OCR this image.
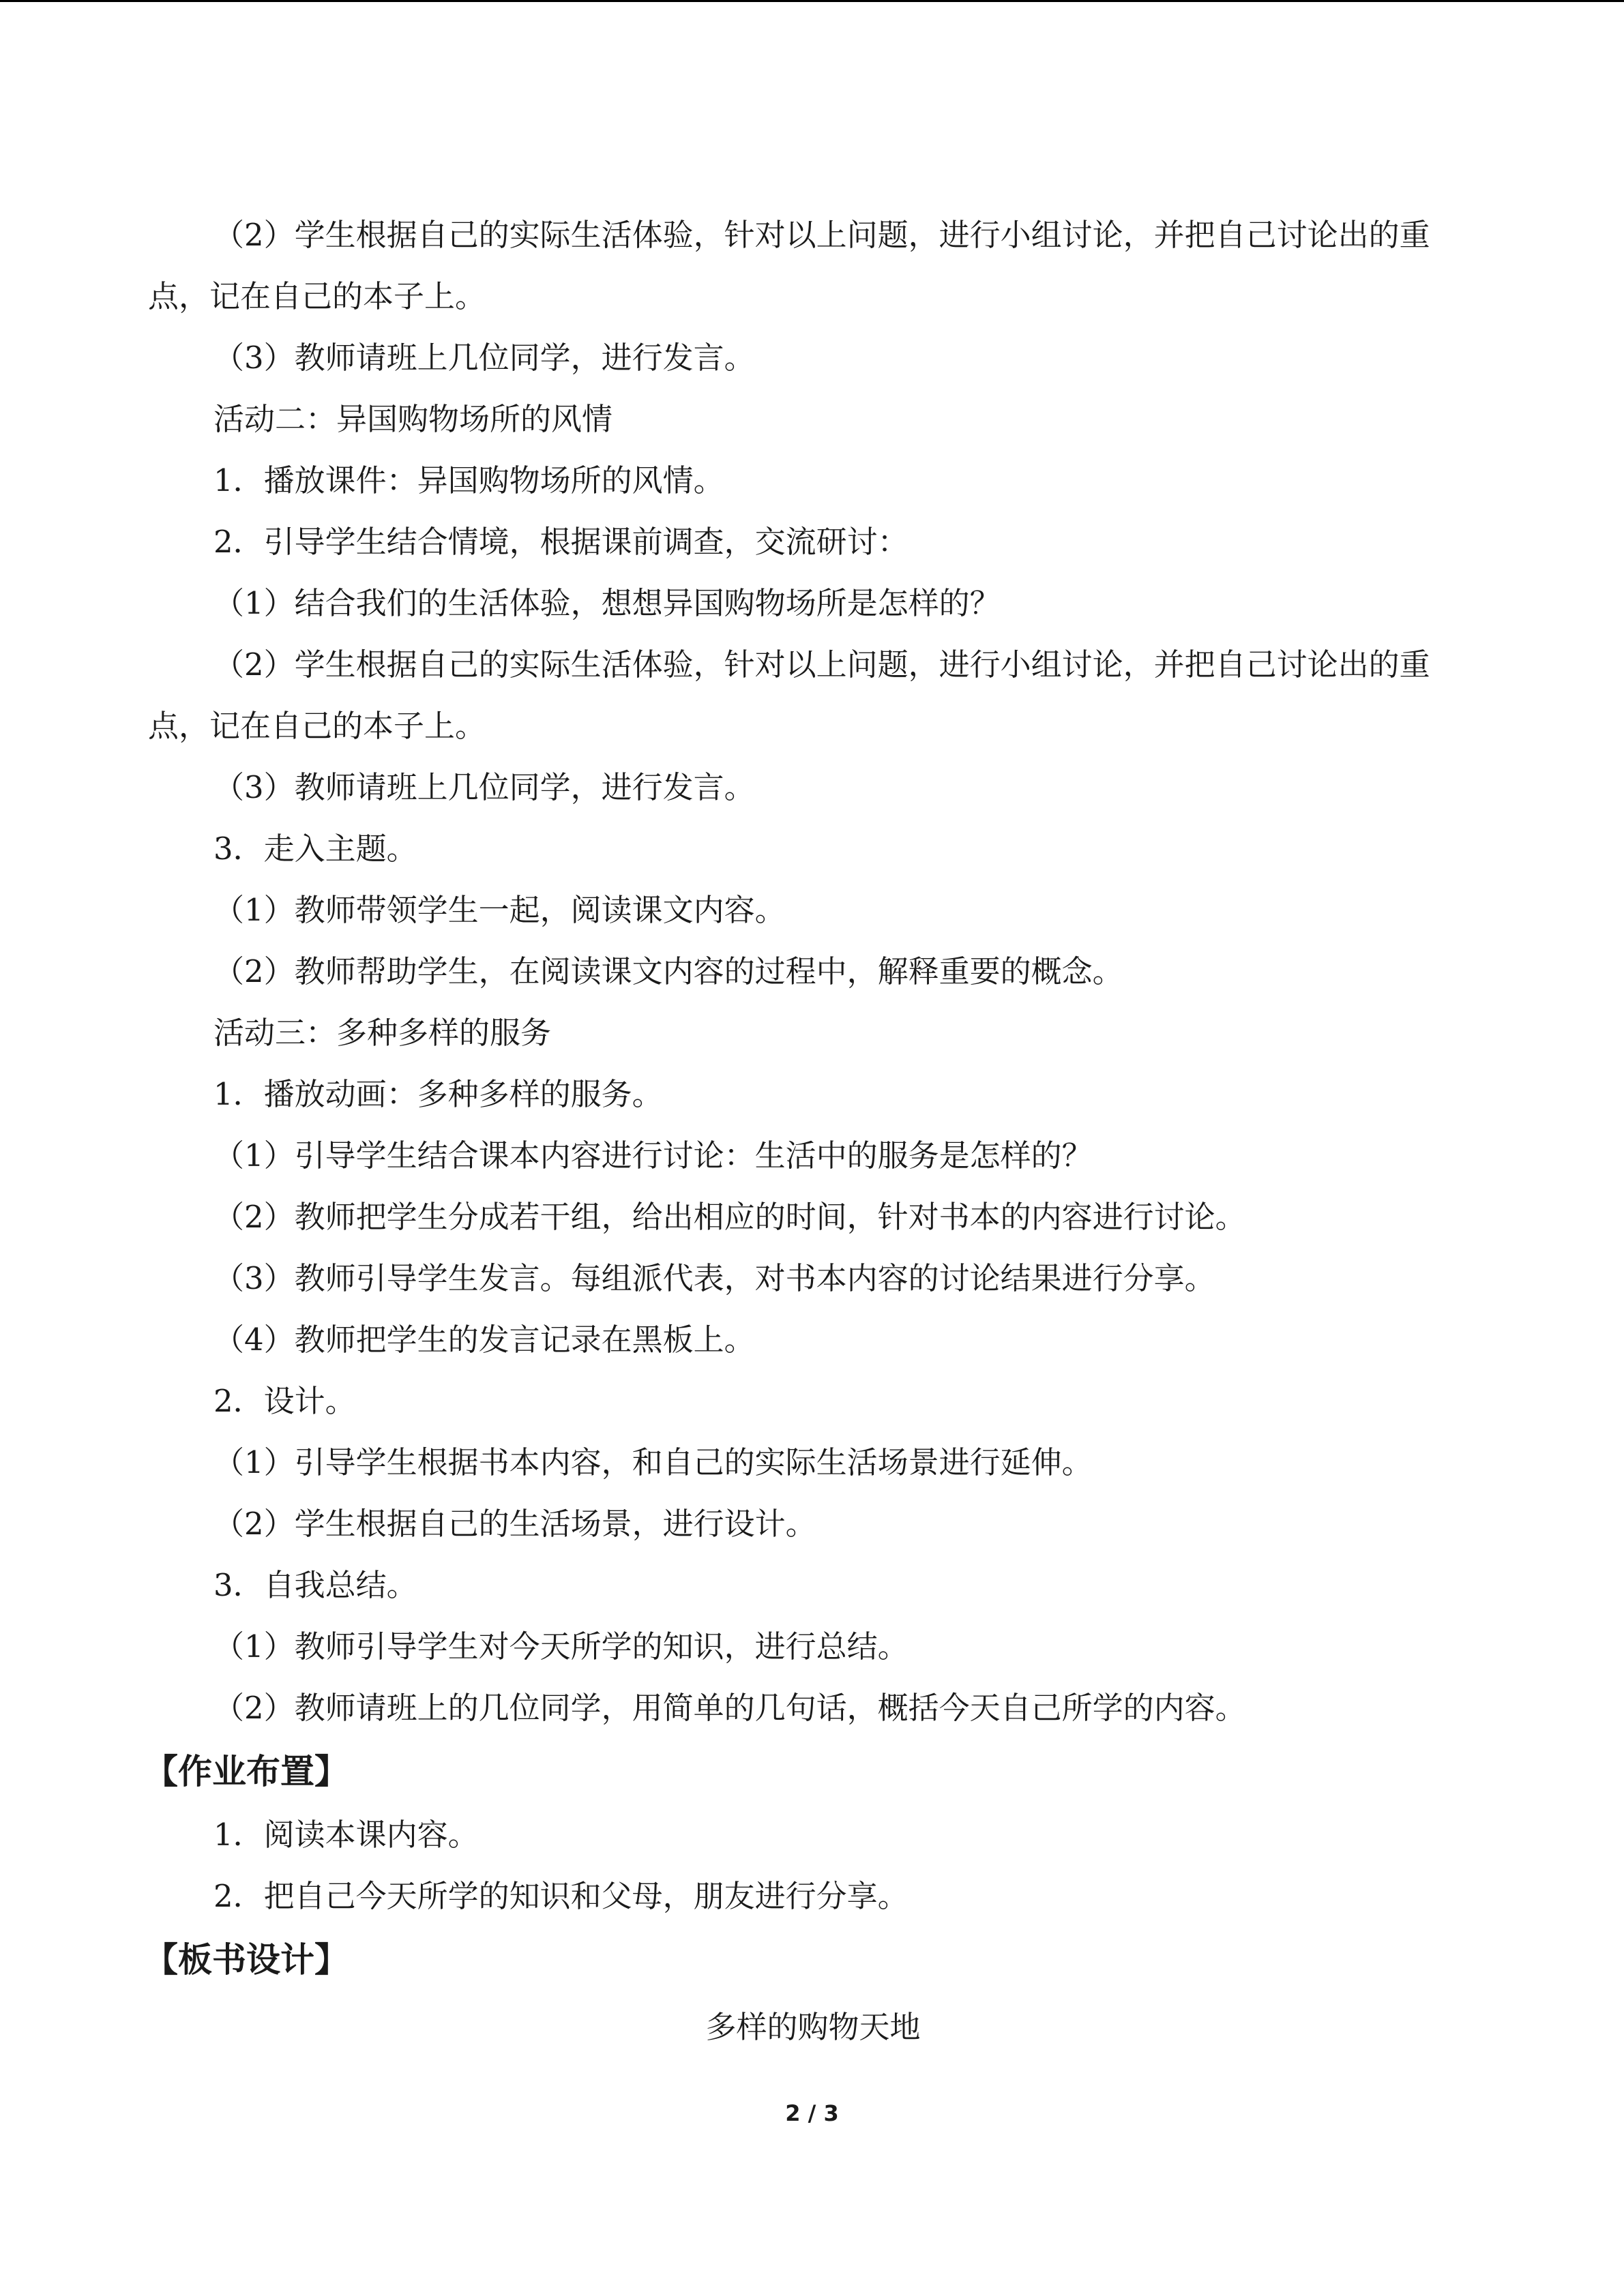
（2）学生根据自己的实际生活体验，针对以上问题，进行小组讨论，并把自己讨论出的重点，记在自己的本子上。

（3）教师请班上几位同学，进行发言。

活动二：异国购物场所的风情

1．播放课件：异国购物场所的风情。

2．引导学生结合情境，根据课前调查，交流研讨：

（1）结合我们的生活体验，想想异国购物场所是怎样的？

（2）学生根据自己的实际生活体验，针对以上问题，进行小组讨论，并把自己讨论出的重点，记在自己的本子上。

（3）教师请班上几位同学，进行发言。

3．走入主题。

（1）教师带领学生一起，阅读课文内容。

（2）教师帮助学生，在阅读课文内容的过程中，解释重要的概念。

活动三：多种多样的服务

1．播放动画：多种多样的服务。

（1）引导学生结合课本内容进行讨论：生活中的服务是怎样的？

（2）教师把学生分成若干组，给出相应的时间，针对书本的内容进行讨论。

（3）教师引导学生发言。每组派代表，对书本内容的讨论结果进行分享。

（4）教师把学生的发言记录在黑板上。

2．设计。

（1）引导学生根据书本内容，和自己的实际生活场景进行延伸。

（2）学生根据自己的生活场景，进行设计。

3．自我总结。

（1）教师引导学生对今天所学的知识，进行总结。

（2）教师请班上的几位同学，用简单的几句话，概括今天自己所学的内容。

【作业布置】

1．阅读本课内容。

2．把自己今天所学的知识和父母，朋友进行分享。

【板书设计】

多样的购物天地

2 / 3
